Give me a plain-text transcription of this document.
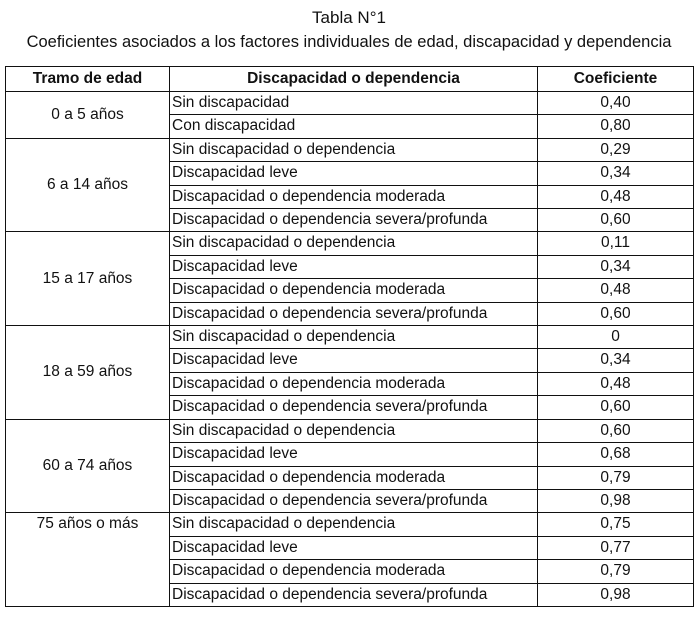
Tabla N°1
Coeficientes asociados a los factores individuales de edad, discapacidad y dependencia
Tramo de edad	Discapacidad o dependencia	Coeficiente
0 a 5 años	Sin discapacidad	0,40
	Con discapacidad	0,80
6 a 14 años	Sin discapacidad o dependencia	0,29
	Discapacidad leve	0,34
	Discapacidad o dependencia moderada	0,48
	Discapacidad o dependencia severa/profunda	0,60
15 a 17 años	Sin discapacidad o dependencia	0,11
	Discapacidad leve	0,34
	Discapacidad o dependencia moderada	0,48
	Discapacidad o dependencia severa/profunda	0,60
18 a 59 años	Sin discapacidad o dependencia	0
	Discapacidad leve	0,34
	Discapacidad o dependencia moderada	0,48
	Discapacidad o dependencia severa/profunda	0,60
60 a 74 años	Sin discapacidad o dependencia	0,60
	Discapacidad leve	0,68
	Discapacidad o dependencia moderada	0,79
	Discapacidad o dependencia severa/profunda	0,98
75 años o más	Sin discapacidad o dependencia	0,75
	Discapacidad leve	0,77
	Discapacidad o dependencia moderada	0,79
	Discapacidad o dependencia severa/profunda	0,98
